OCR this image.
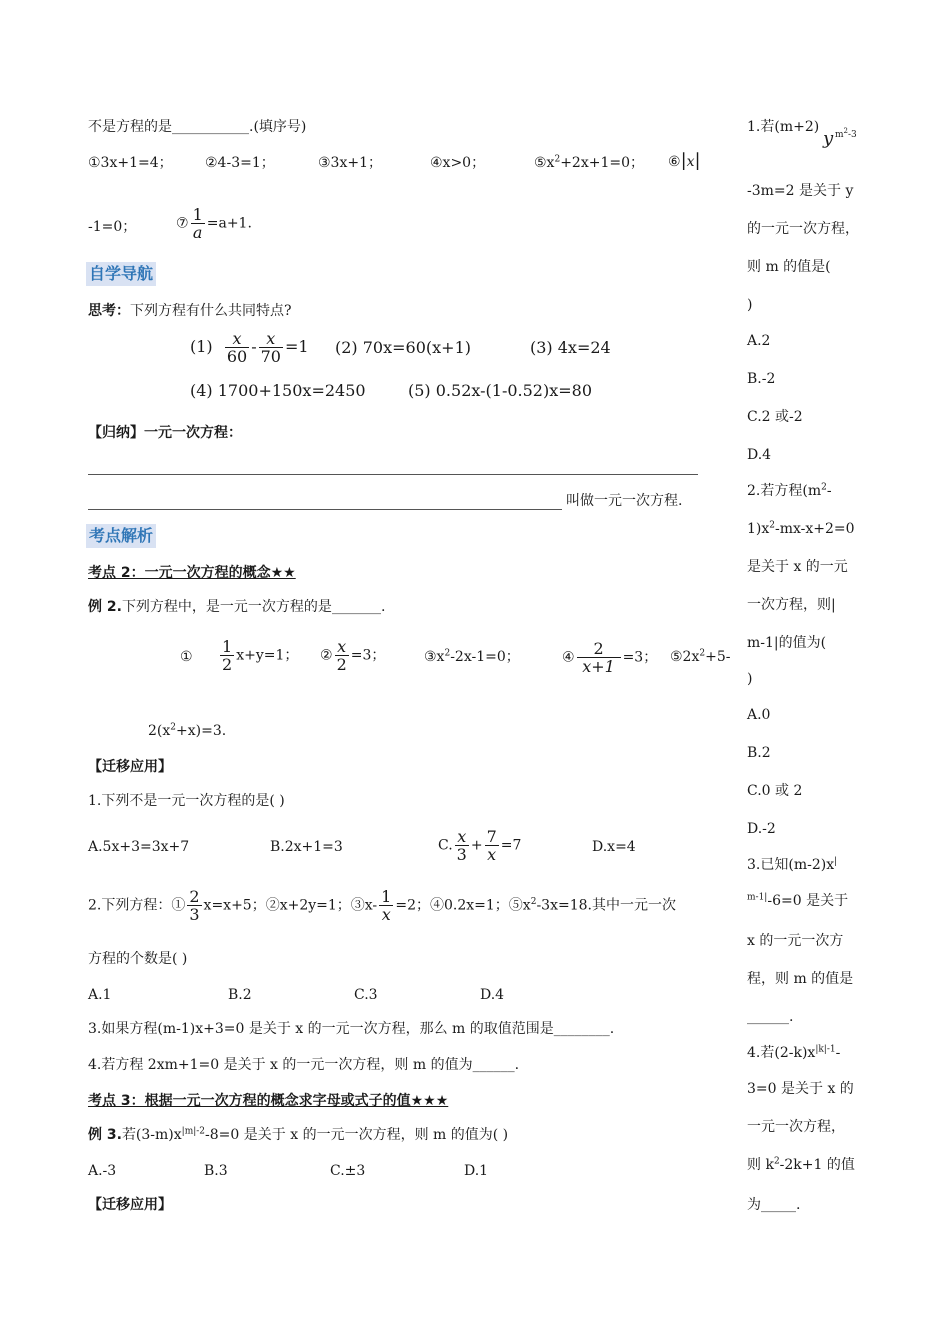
不是方程的是___________.(填序号)
①3x+1=4； ②4-3=1；	③3x+1；	④x>0；	$⑤x^2+2x+1=0$； ⑥|x|
-1=0；	⑦ $\frac{1}{a} =a+1$.
自学导航
思考：下列方程有什么共同特点?
$(1) \frac{x}{60} - \frac{x}{70} =1$ (2) 70x=60(x+1)	(3) 4x=24
(4) 1700+150x=2450	(5) 0.52x-(1-0.52)x=80
【归纳】一元一次方程：
叫做一元一次方程.
考点解析
考点 2：一元一次方程的概念★★
例 2.下列方程中，是一元一次方程的是_______.
① $\frac{1}{2} x+y=1$； ② $\frac{x}{2} =3$；	$③x^2-2x-1=0$；	④ $\frac{2}{x+1} =3$； $⑤2x^2+5-$
$2(x^2+x)=3$.
【迁移应用】
1.下列不是一元一次方程的是( )
A.5x+3=3x+7	B.2x+1=3	C. $\frac{x}{3} + \frac{7}{x} =7$	D.x=4
2.下列方程：① $\frac{2}{3} x=x+5$；②x+2y=1；③x- $\frac{1}{x} =2$；④0.2x=1；$⑤x^2-3x=18$.其中一元一次
方程的个数是( )
A.1	B.2	C.3	D.4
3.如果方程(m-1)x+3=0 是关于 x 的一元一次方程，那么 m 的取值范围是________.
4.若方程 2xm+1=0 是关于 x 的一元一次方程，则 m 的值为______.
考点 3：根据一元一次方程的概念求字母或式子的值★★★
例 3.若$(3-m)x^{|m|-2}-8=0$ 是关于 x 的一元一次方程，则 m 的值为( )
A.-3	B.3	C.±3	D.1
【迁移应用】
1.若(m+2)
y $m^2-3$
-3m=2 是关于 y
的一元一次方程，
则 m 的值是(
)
A.2
B.-2
C.2 或-2
D.4
2.若方程($m^2-$
$1)x^2-mx-x+2=0$
是关于 x 的一元
一次方程，则|
m-1|的值为(
)
A.0
B.2
C.0 或 2
D.-2
3.已知(m-2)x|
$^{m-1|}$-6=0 是关于
x 的一元一次方
程，则 m 的值是
______.
4.若$(2-k)x^{|k|-1}-$
3=0 是关于 x 的
一元一次方程，
则 $k^2-2k+1$ 的值
为_____.
